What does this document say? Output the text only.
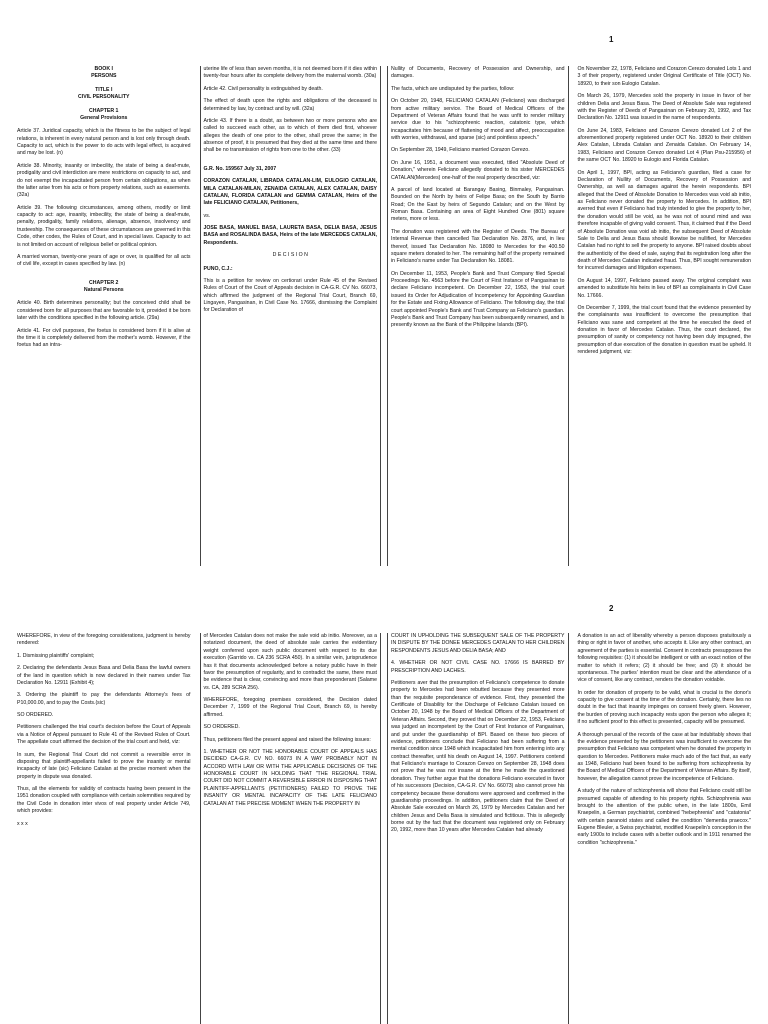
1

BOOK I

PERSONS

TITLE I

CIVIL PERSONALITY

CHAPTER 1

General Provisions

Article 37. Juridical capacity, which is the fitness to be the subject of legal relations, is inherent in every natural person and is lost only through death. Capacity to act, which is the power to do acts with legal effect, is acquired and may be lost. (n)

Article 38. Minority, insanity or imbecility, the state of being a deaf-mute, prodigality and civil interdiction are mere restrictions on capacity to act, and do not exempt the incapacitated person from certain obligations, as when the latter arise from his acts or from property relations, such as easements. (32a)

Article 39. The following circumstances, among others, modify or limit capacity to act: age, insanity, imbecility, the state of being a deaf-mute, penalty, prodigality, family relations, alienage, absence, insolvency and trusteeship. The consequences of these circumstances are governed in this Code, other codes, the Rules of Court, and in special laws. Capacity to act is not limited on account of religious belief or political opinion.

A married woman, twenty-one years of age or over, is qualified for all acts of civil life, except in cases specified by law. (n)

CHAPTER 2

Natural Persons

Article 40. Birth determines personality; but the conceived child shall be considered born for all purposes that are favorable to it, provided it be born later with the conditions specified in the following article. (29a)

Article 41. For civil purposes, the foetus is considered born if it is alive at the time it is completely delivered from the mother's womb. However, if the foetus had an intra-

uterine life of less than seven months, it is not deemed born if it dies within twenty-four hours after its complete delivery from the maternal womb. (30a)

Article 42. Civil personality is extinguished by death.

The effect of death upon the rights and obligations of the deceased is determined by law, by contract and by will. (32a)

Article 43. If there is a doubt, as between two or more persons who are called to succeed each other, as to which of them died first, whoever alleges the death of one prior to the other, shall prove the same; in the absence of proof, it is presumed that they died at the same time and there shall be no transmission of rights from one to the other. (33)

G.R. No. 159567 July 31, 2007

CORAZON CATALAN, LIBRADA CATALAN-LIM, EULOGIO CATALAN, MILA CATALAN-MILAN, ZENAIDA CATALAN, ALEX CATALAN, DAISY CATALAN, FLORIDA CATALAN and GEMMA CATALAN, Heirs of the late FELICIANO CATALAN, Petitioners,

vs.

JOSE BASA, MANUEL BASA, LAURETA BASA, DELIA BASA, JESUS BASA and ROSALINDA BASA, Heirs of the late MERCEDES CATALAN, Respondents.

D E C I S I O N

PUNO, C.J.:

This is a petition for review on certiorari under Rule 45 of the Revised Rules of Court of the Court of Appeals decision in CA-G.R. CV No. 66073, which affirmed the judgment of the Regional Trial Court, Branch 69, Lingayen, Pangasinan, in Civil Case No. 17666, dismissing the Complaint for Declaration of

Nullity of Documents, Recovery of Possession and Ownership, and damages.

The facts, which are undisputed by the parties, follow:

On October 20, 1948, FELICIANO CATALAN (Feliciano) was discharged from active military service. The Board of Medical Officers of the Department of Veteran Affairs found that he was unfit to render military service due to his "schizophrenic reaction, catatonic type, which incapacitates him because of flattening of mood and affect, preoccupation with worries, withdrawal, and sparse (sic) and pointless speech."

On September 28, 1949, Feliciano married Corazon Cerezo.

On June 16, 1951, a document was executed, titled "Absolute Deed of Donation," wherein Feliciano allegedly donated to his sister MERCEDES CATALAN(Mercedes) one-half of the real property described, viz:

A parcel of land located at Barangay Basing, Binmaley, Pangasinan. Bounded on the North by heirs of Felipe Basa; on the South by Barrio Road; On the East by heirs of Segundo Catalan; and on the West by Roman Basa. Containing an area of Eight Hundred One (801) square meters, more or less.

The donation was registered with the Register of Deeds. The Bureau of Internal Revenue then cancelled Tax Declaration No. 2876, and, in lieu thereof, issued Tax Declaration No. 18080 to Mercedes for the 400.50 square meters donated to her. The remaining half of the property remained in Feliciano's name under Tax Declaration No. 18081.

On December 11, 1953, People's Bank and Trust Company filed Special Proceedings No. 4563 before the Court of First Instance of Pangasinan to declare Feliciano incompetent. On December 22, 1953, the trial court issued its Order for Adjudication of Incompetency for Appointing Guardian for the Estate and Fixing Allowance of Feliciano. The following day, the trial court appointed People's Bank and Trust Company as Feliciano's guardian. People's Bank and Trust Company has been subsequently renamed, and is presently known as the Bank of the Philippine Islands (BPI).

On November 22, 1978, Feliciano and Corazon Cerezo donated Lots 1 and 3 of their property, registered under Original Certificate of Title (OCT) No. 18920, to their son Eulogio Catalan.

On March 26, 1979, Mercedes sold the property in issue in favor of her children Delia and Jesus Basa. The Deed of Absolute Sale was registered with the Register of Deeds of Pangasinan on February 20, 1992, and Tax Declaration No. 12911 was issued in the name of respondents.

On June 24, 1983, Feliciano and Corazon Cerezo donated Lot 2 of the aforementioned property registered under OCT No. 18920 to their children Alex Catalan, Librada Catalan and Zenaida Catalan. On February 14, 1983, Feliciano and Corazon Cerezo donated Lot 4 (Plan Psu-215956) of the same OCT No. 18920 to Eulogio and Florida Catalan.

On April 1, 1997, BPI, acting as Feliciano's guardian, filed a case for Declaration of Nullity of Documents, Recovery of Possession and Ownership, as well as damages against the herein respondents. BPI alleged that the Deed of Absolute Donation to Mercedes was void ab initio, as Feliciano never donated the property to Mercedes. In addition, BPI averred that even if Feliciano had truly intended to give the property to her, the donation would still be void, as he was not of sound mind and was therefore incapable of giving valid consent. Thus, it claimed that if the Deed of Absolute Donation was void ab initio, the subsequent Deed of Absolute Sale to Delia and Jesus Basa should likewise be nullified, for Mercedes Catalan had no right to sell the property to anyone. BPI raised doubts about the authenticity of the deed of sale, saying that its registration long after the death of Mercedes Catalan indicated fraud. Thus, BPI sought remuneration for incurred damages and litigation expenses.

On August 14, 1997, Feliciano passed away. The original complaint was amended to substitute his heirs in lieu of BPI as complainants in Civil Case No. 17666.

On December 7, 1999, the trial court found that the evidence presented by the complainants was insufficient to overcome the presumption that Feliciano was sane and competent at the time he executed the deed of donation in favor of Mercedes Catalan. Thus, the court declared, the presumption of sanity or competency not having been duly impugned, the presumption of due execution of the donation in question must be upheld. It rendered judgment, viz:

2

WHEREFORE, in view of the foregoing considerations, judgment is hereby rendered:

1. Dismissing plaintiffs' complaint;

2. Declaring the defendants Jesus Basa and Delia Basa the lawful owners of the land in question which is now declared in their names under Tax Declaration No. 12911 (Exhibit 4);

3. Ordering the plaintiff to pay the defendants Attorney's fees of P10,000.00, and to pay the Costs.(sic)

SO ORDERED.

Petitioners challenged the trial court's decision before the Court of Appeals via a Notice of Appeal pursuant to Rule 41 of the Revised Rules of Court. The appellate court affirmed the decision of the trial court and held, viz:

In sum, the Regional Trial Court did not commit a reversible error in disposing that plaintiff-appellants failed to prove the insanity or mental incapacity of late (sic) Feliciano Catalan at the precise moment when the property in dispute was donated.

Thus, all the elements for validity of contracts having been present in the 1951 donation coupled with compliance with certain solemnities required by the Civil Code in donation inter vivos of real property under Article 749, which provides:

x x x

of Mercedes Catalan does not make the sale void ab initio. Moreover, as a notarized document, the deed of absolute sale carries the evidentiary weight conferred upon such public document with respect to its due execution (Garrido vs. CA 236 SCRA 450). In a similar vein, jurisprudence has it that documents acknowledged before a notary public have in their favor the presumption of regularity, and to contradict the same, there must be evidence that is clear, convincing and more than preponderant (Salame vs. CA, 289 SCRA 256).

WHEREFORE, foregoing premises considered, the Decision dated December 7, 1999 of the Regional Trial Court, Branch 69, is hereby affirmed.

SO ORDERED.

Thus, petitioners filed the present appeal and raised the following issues:

1. WHETHER OR NOT THE HONORABLE COURT OF APPEALS HAS DECIDED CA-G.R. CV NO. 66073 IN A WAY PROBABLY NOT IN ACCORD WITH LAW OR WITH THE APPLICABLE DECISIONS OF THE HONORABLE COURT IN HOLDING THAT "THE REGIONAL TRIAL COURT DID NOT COMMIT A REVERSIBLE ERROR IN DISPOSING THAT PLAINTIFF-APPELLANTS (PETITIONERS) FAILED TO PROVE THE INSANITY OR MENTAL INCAPACITY OF THE LATE FELICIANO CATALAN AT THE PRECISE MOMENT WHEN THE PROPERTY IN

COURT IN UPHOLDING THE SUBSEQUENT SALE OF THE PROPERTY IN DISPUTE BY THE DONEE MERCEDES CATALAN TO HER CHILDREN RESPONDENTS JESUS AND DELIA BASA; AND

4. WHETHER OR NOT CIVIL CASE NO. 17666 IS BARRED BY PRESCRIPTION AND LACHES.

Petitioners aver that the presumption of Feliciano's competence to donate property to Mercedes had been rebutted because they presented more than the requisite preponderance of evidence. First, they presented the Certificate of Disability for the Discharge of Feliciano Catalan issued on October 20, 1948 by the Board of Medical Officers of the Department of Veteran Affairs. Second, they proved that on December 22, 1953, Feliciano was judged an incompetent by the Court of First Instance of Pangasinan, and put under the guardianship of BPI. Based on these two pieces of evidence, petitioners conclude that Feliciano had been suffering from a mental condition since 1948 which incapacitated him from entering into any contract thereafter, until his death on August 14, 1997. Petitioners contend that Feliciano's marriage to Corazon Cerezo on September 28, 1948 does not prove that he was not insane at the time he made the questioned donation. They further argue that the donations Feliciano executed in favor of his successors (Decision, CA-G.R. CV No. 66073) also cannot prove his competency because these donations were approved and confirmed in the guardianship proceedings. In addition, petitioners claim that the Deed of Absolute Sale executed on March 26, 1979 by Mercedes Catalan and her children Jesus and Delia Basa is simulated and fictitious. This is allegedly borne out by the fact that the document was registered only on February 20, 1992, more than 10 years after Mercedes Catalan had already

A donation is an act of liberality whereby a person disposes gratuitously a thing or right in favor of another, who accepts it. Like any other contract, an agreement of the parties is essential. Consent in contracts presupposes the following requisites: (1) it should be intelligent or with an exact notion of the matter to which it refers; (2) it should be free; and (3) it should be spontaneous. The parties' intention must be clear and the attendance of a vice of consent, like any contract, renders the donation voidable.

In order for donation of property to be valid, what is crucial is the donor's capacity to give consent at the time of the donation. Certainly, there lies no doubt in the fact that insanity impinges on consent freely given. However, the burden of proving such incapacity rests upon the person who alleges it; if no sufficient proof to this effect is presented, capacity will be presumed.

A thorough perusal of the records of the case at bar indubitably shows that the evidence presented by the petitioners was insufficient to overcome the presumption that Feliciano was competent when he donated the property in question to Mercedes. Petitioners make much ado of the fact that, as early as 1948, Feliciano had been found to be suffering from schizophrenia by the Board of Medical Officers of the Department of Veteran Affairs. By itself, however, the allegation cannot prove the incompetence of Feliciano.

A study of the nature of schizophrenia will show that Feliciano could still be presumed capable of attending to his property rights. Schizophrenia was brought to the attention of the public when, in the late 1800s, Emil Kraepelin, a German psychiatrist, combined "hebephrenia" and "catatonia" with certain paranoid states and called the condition "dementia praecox." Eugene Bleuler, a Swiss psychiatrist, modified Kraepelin's conception in the early 1900s to include cases with a better outlook and in 1911 renamed the condition "schizophrenia."
